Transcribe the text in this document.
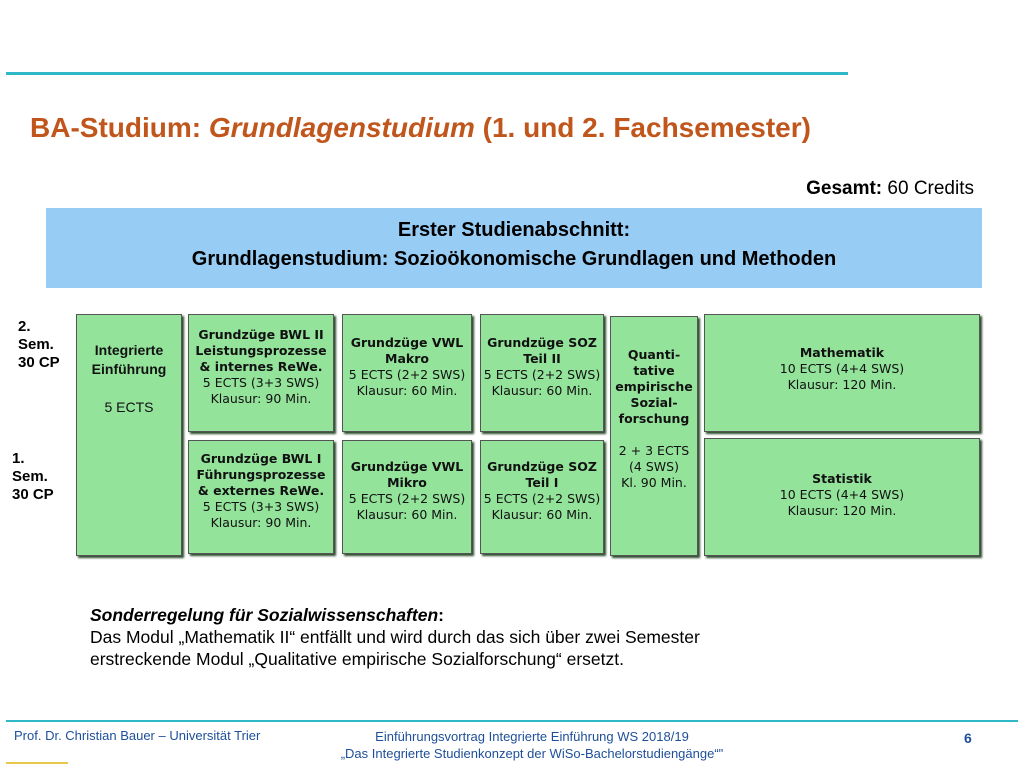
BA-Studium: Grundlagenstudium (1. und 2. Fachsemester)
Gesamt: 60 Credits
Erster Studienabschnitt:
Grundlagenstudium: Sozioökonomische Grundlagen und Methoden
2.
Sem.
30 CP
1.
Sem.
30 CP
Integrierte
Einführung
5 ECTS
Grundzüge BWL II
Leistungsprozesse
& internes ReWe.
5 ECTS (3+3 SWS)
Klausur: 90 Min.
Grundzüge BWL I
Führungsprozesse
& externes ReWe.
5 ECTS (3+3 SWS)
Klausur: 90 Min.
Grundzüge VWL
Makro
5 ECTS (2+2 SWS)
Klausur: 60 Min.
Grundzüge VWL
Mikro
5 ECTS (2+2 SWS)
Klausur: 60 Min.
Grundzüge SOZ
Teil II
5 ECTS (2+2 SWS)
Klausur: 60 Min.
Grundzüge SOZ
Teil I
5 ECTS (2+2 SWS)
Klausur: 60 Min.
Quanti-
tative
empirische
Sozial-
forschung
2 + 3 ECTS
(4 SWS)
Kl. 90 Min.
Mathematik
10 ECTS (4+4 SWS)
Klausur: 120 Min.
Statistik
10 ECTS (4+4 SWS)
Klausur: 120 Min.
Sonderregelung für Sozialwissenschaften:
Das Modul „Mathematik II“ entfällt und wird durch das sich über zwei Semester
erstreckende Modul „Qualitative empirische Sozialforschung“ ersetzt.
Prof. Dr. Christian Bauer – Universität Trier	Einführungsvortrag Integrierte Einführung WS 2018/19
„Das Integrierte Studienkonzept der WiSo-Bachelorstudiengänge“"
6
